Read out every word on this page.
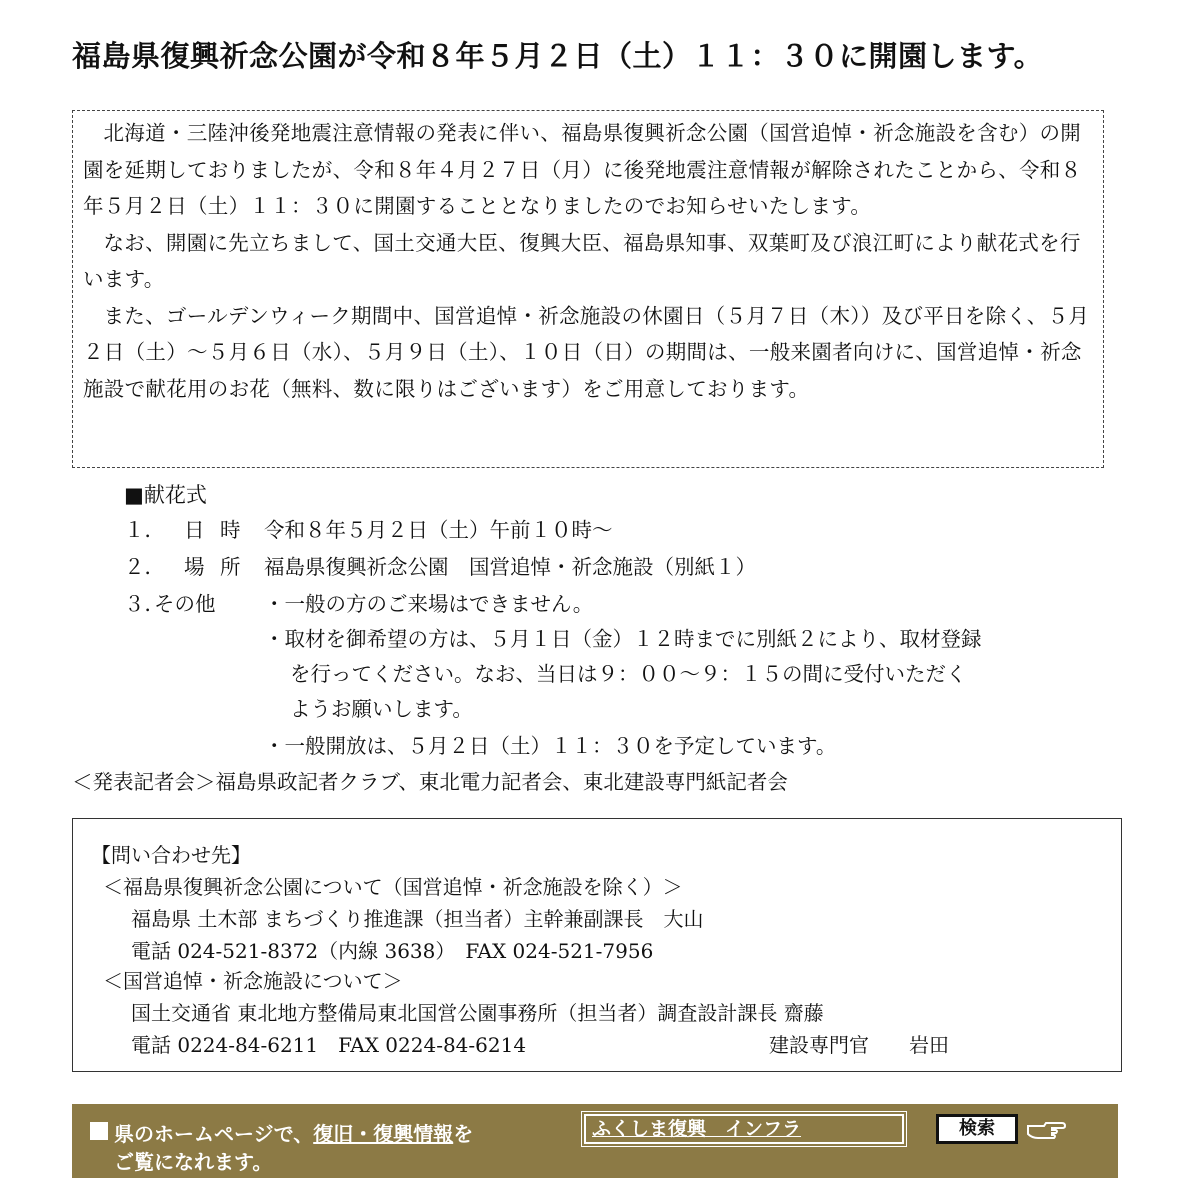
福島県復興祈念公園が令和８年５月２日（土）１１：３０に開園します。

北海道・三陸沖後発地震注意情報の発表に伴い、福島県復興祈念公園（国営追悼・祈念施設を含む）の開園を延期しておりましたが、令和８年４月２７日（月）に後発地震注意情報が解除されたことから、令和８年５月２日（土）１１：３０に開園することとなりましたのでお知らせいたします。

なお、開園に先立ちまして、国土交通大臣、復興大臣、福島県知事、双葉町及び浪江町により献花式を行います。

また、ゴールデンウィーク期間中、国営追悼・祈念施設の休園日（５月７日（木））及び平日を除く、５月２日（土）～５月６日（水）、５月９日（土）、１０日（日）の期間は、一般来園者向けに、国営追悼・祈念施設で献花用のお花（無料、数に限りはございます）をご用意しております。

■献花式
１． 日 時 令和８年５月２日（土）午前１０時～
２． 場 所 福島県復興祈念公園　国営追悼・祈念施設（別紙１）
３．
その他 ・一般の方のご来場はできません。
・取材を御希望の方は、５月１日（金）１２時までに別紙２により、取材登録
を行ってください。なお、当日は９：００～９：１５の間に受付いただく
ようお願いします。
・一般開放は、５月２日（土）１１：３０を予定しています。
＜発表記者会＞福島県政記者クラブ、東北電力記者会、東北建設専門紙記者会
【問い合わせ先】
＜福島県復興祈念公園について（国営追悼・祈念施設を除く）＞
福島県 土木部 まちづくり推進課（担当者）主幹兼副課長　大山
電話 024-521-8372（内線 3638）　FAX 024-521-7956
＜国営追悼・祈念施設について＞
国土交通省 東北地方整備局東北国営公園事務所（担当者）調査設計課長 齋藤
電話 0224-84-6211　FAX 0224-84-6214	建設専門官　　岩田
県のホームページで、復旧・復興情報を
ご覧になれます。
ふくしま復興　インフラ	検索
